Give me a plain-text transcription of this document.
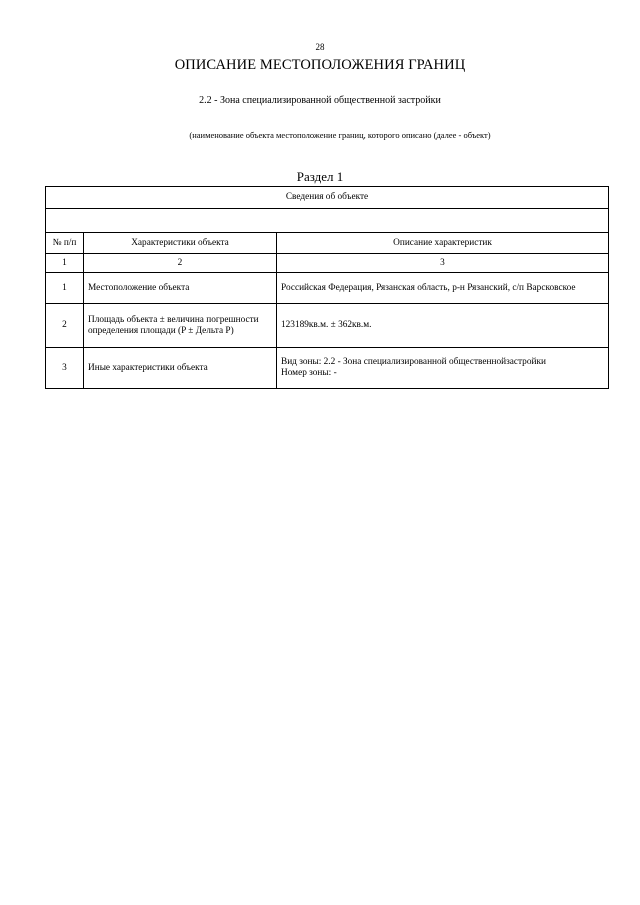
28
ОПИСАНИЕ МЕСТОПОЛОЖЕНИЯ ГРАНИЦ
2.2 - Зона специализированной общественной застройки
(наименование объекта местоположение границ, которого описано (далее - объект)
Раздел 1
Сведения об объекте		

№ п/п	Характеристики объекта	Описание характеристик
1	2	3
1	Местоположение объекта	Российская Федерация, Рязанская область, р-н Рязанский, с/п Варсковское
2	Площадь объекта ± величина погрешности определения площади (P ± Дельта P)	123189кв.м. ± 362кв.м.
3	Иные характеристики объекта	Вид зоны: 2.2 - Зона специализированной общественнойзастройки
Номер зоны: -
